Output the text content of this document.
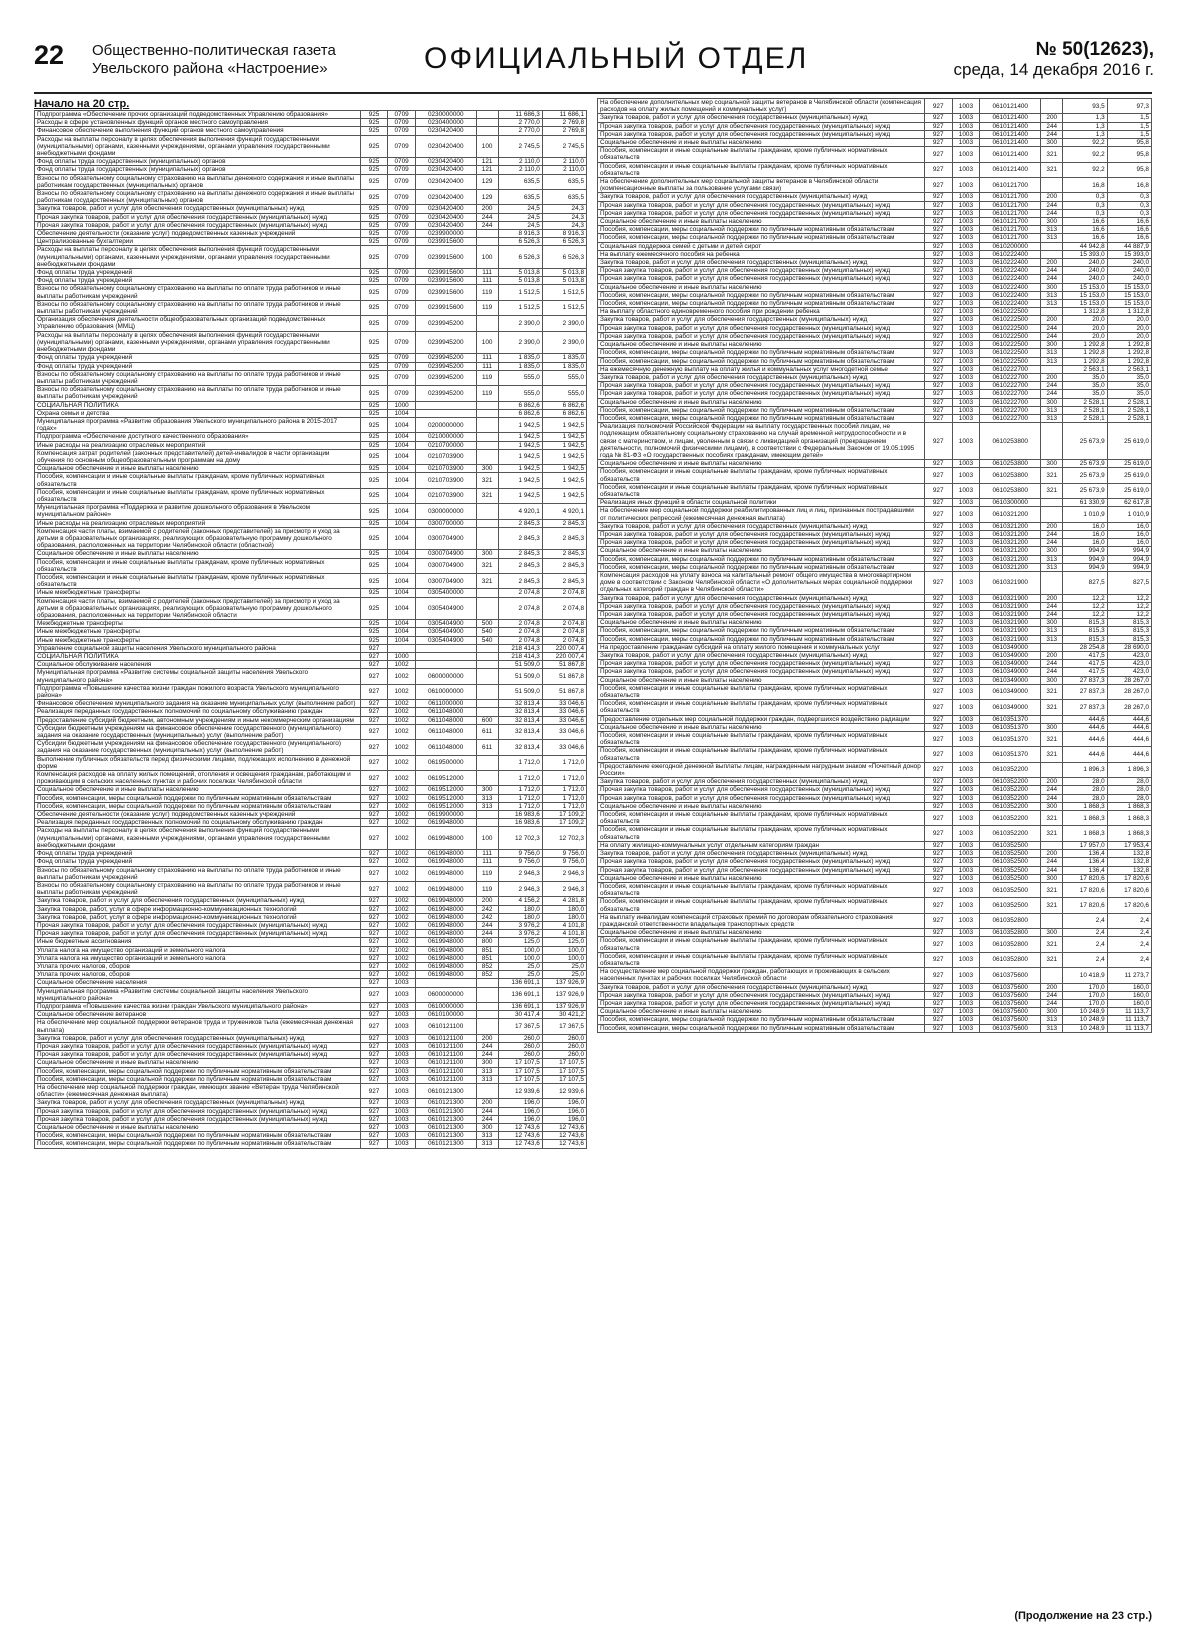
22 Общественно-политическая газета
Увельского района «Настроение»	ОФИЦИАЛЬНЫЙ ОТДЕЛ	№ 50(12623),
среда, 14 декабря 2016 г.
Начало на 20 стр.
Подпрограмма «Обеспечение прочих организаций подведомственных Управлению образования»	925	0709	0230000000		11 686,3	11 686,1
Расходы в сфере установленных функций органов местного самоуправления	925	0709	0230400000		2 770,0	2 769,8
Финансовое обеспечение выполнения функций органов местного самоуправления	925	0709	0230420400		2 770,0	2 769,8
Расходы на выплаты персоналу в целях обеспечения выполнения функций государственными (муниципальными) органами, казенными учреждениями, органами управления государственными внебюджетными фондами	925	0709	0230420400	100	2 745,5	2 745,5
Фонд оплаты труда государственных (муниципальных) органов	925	0709	0230420400	121	2 110,0	2 110,0
Фонд оплаты труда государственных (муниципальных) органов	925	0709	0230420400	121	2 110,0	2 110,0
Взносы по обязательному социальному страхованию на выплаты денежного содержания и иные выплаты работникам государственных (муниципальных) органов	925	0709	0230420400	129	635,5	635,5
Взносы по обязательному социальному страхованию на выплаты денежного содержания и иные выплаты работникам государственных (муниципальных) органов	925	0709	0230420400	129	635,5	635,5
Закупка товаров, работ и услуг для обеспечения государственных (муниципальных) нужд	925	0709	0230420400	200	24,5	24,3
Прочая закупка товаров, работ и услуг для обеспечения государственных (муниципальных) нужд	925	0709	0230420400	244	24,5	24,3
Прочая закупка товаров, работ и услуг для обеспечения государственных (муниципальных) нужд	925	0709	0230420400	244	24,5	24,3
Обеспечение деятельности (оказание услуг) подведомственных казенных учреждений	925	0709	0239900000		8 916,3	8 916,3
Централизованные бухгалтерии	925	0709	0239915600		6 526,3	6 526,3
Расходы на выплаты персоналу в целях обеспечения выполнения функций государственными (муниципальными) органами, казенными учреждениями, органами управления государственными внебюджетными фондами	925	0709	0239915600	100	6 526,3	6 526,3
Фонд оплаты труда учреждений	925	0709	0239915600	111	5 013,8	5 013,8
Фонд оплаты труда учреждений	925	0709	0239915600	111	5 013,8	5 013,8
Взносы по обязательному социальному страхованию на выплаты по оплате труда работников и иные выплаты работникам учреждений	925	0709	0239915600	119	1 512,5	1 512,5
Взносы по обязательному социальному страхованию на выплаты по оплате труда работников и иные выплаты работникам учреждений	925	0709	0239915600	119	1 512,5	1 512,5
Организация обеспечения деятельности общеобразовательных организаций подведомственных Управлению образования (ММЦ)	925	0709	0239945200		2 390,0	2 390,0
Расходы на выплаты персоналу в целях обеспечения выполнения функций государственными (муниципальными) органами, казенными учреждениями, органами управления государственными внебюджетными фондами	925	0709	0239945200	100	2 390,0	2 390,0
Фонд оплаты труда учреждений	925	0709	0239945200	111	1 835,0	1 835,0
Фонд оплаты труда учреждений	925	0709	0239945200	111	1 835,0	1 835,0
Взносы по обязательному социальному страхованию на выплаты по оплате труда работников и иные выплаты работникам учреждений	925	0709	0239945200	119	555,0	555,0
Взносы по обязательному социальному страхованию на выплаты по оплате труда работников и иные выплаты работникам учреждений	925	0709	0239945200	119	555,0	555,0
СОЦИАЛЬНАЯ ПОЛИТИКА	925	1000			6 862,6	6 862,6
Охрана семьи и детства	925	1004			6 862,6	6 862,6
Муниципальная программа «Развитие образования Увельского муниципального района в 2015-2017 годах»	925	1004	0200000000		1 942,5	1 942,5
Подпрограмма «Обеспечение доступного качественного образования»	925	1004	0210000000		1 942,5	1 942,5
Иные расходы на реализацию отраслевых мероприятий	925	1004	0210700000		1 942,5	1 942,5
Компенсация затрат родителей (законных представителей) детей-инвалидов в части организации обучения по основным общеобразовательным программам на дому	925	1004	0210703900		1 942,5	1 942,5
Социальное обеспечение и иные выплаты населению	925	1004	0210703900	300	1 942,5	1 942,5
Пособия, компенсации и иные социальные выплаты гражданам, кроме публичных нормативных обязательств	925	1004	0210703900	321	1 942,5	1 942,5
Пособия, компенсации и иные социальные выплаты гражданам, кроме публичных нормативных обязательств	925	1004	0210703900	321	1 942,5	1 942,5
Муниципальная программа «Поддержка и развитие дошкольного образования в Увельском муниципальном районе»	925	1004	0300000000		4 920,1	4 920,1
Иные расходы на реализацию отраслевых мероприятий	925	1004	0300700000		2 845,3	2 845,3
Компенсация части платы, взимаемой с родителей (законных представителей) за присмотр и уход за детьми в образовательных организациях, реализующих образовательную программу дошкольного образования, расположенных на территории Челябинской области (областной)	925	1004	0300704900		2 845,3	2 845,3
Социальное обеспечение и иные выплаты населению	925	1004	0300704900	300	2 845,3	2 845,3
Пособия, компенсации и иные социальные выплаты гражданам, кроме публичных нормативных обязательств	925	1004	0300704900	321	2 845,3	2 845,3
Пособия, компенсации и иные социальные выплаты гражданам, кроме публичных нормативных обязательств	925	1004	0300704900	321	2 845,3	2 845,3
Иные межбюджетные трансферты	925	1004	0305400000		2 074,8	2 074,8
Компенсация части платы, взимаемой с родителей (законных представителей) за присмотр и уход за детьми в образовательных организациях, реализующих образовательную программу дошкольного образования, расположенных на территории Челябинской области	925	1004	0305404900		2 074,8	2 074,8
Межбюджетные трансферты	925	1004	0305404900	500	2 074,8	2 074,8
Иные межбюджетные трансферты	925	1004	0305404900	540	2 074,8	2 074,8
Иные межбюджетные трансферты	925	1004	0305404900	540	2 074,8	2 074,8
Управление социальной защиты населения Увельского муниципального района	927				218 414,3	220 007,4
СОЦИАЛЬНАЯ ПОЛИТИКА	927	1000			218 414,3	220 007,4
Социальное обслуживание населения	927	1002			51 509,0	51 867,8
Муниципальная программа «Развитие системы социальной защиты населения Увельского муниципального района»	927	1002	0600000000		51 509,0	51 867,8
Подпрограмма «Повышение качества жизни граждан пожилого возраста Увельского муниципального района»	927	1002	0610000000		51 509,0	51 867,8
Финансовое обеспечение муниципального задания на оказание муниципальных услуг (выполнение работ)	927	1002	0611000000		32 813,4	33 046,6
Реализация переданных государственных полномочий по социальному обслуживанию граждан	927	1002	0611048000		32 813,4	33 046,6
Предоставление субсидий бюджетным, автономным учреждениям и иным некоммерческим организациям	927	1002	0611048000	600	32 813,4	33 046,6
Субсидии бюджетным учреждениям на финансовое обеспечение государственного (муниципального) задания на оказание государственных (муниципальных) услуг (выполнение работ)	927	1002	0611048000	611	32 813,4	33 046,6
Субсидии бюджетным учреждениям на финансовое обеспечение государственного (муниципального) задания на оказание государственных (муниципальных) услуг (выполнение работ)	927	1002	0611048000	611	32 813,4	33 046,6
Выполнение публичных обязательств перед физическими лицами, подлежащих исполнению в денежной форме	927	1002	0619500000		1 712,0	1 712,0
Компенсация расходов на оплату жилых помещений, отопления и освещения гражданам, работающим и проживающим в сельских населенных пунктах и рабочих поселках Челябинской области	927	1002	0619512000		1 712,0	1 712,0
Социальное обеспечение и иные выплаты населению	927	1002	0619512000	300	1 712,0	1 712,0
Пособия, компенсации, меры социальной поддержки по публичным нормативным обязательствам	927	1002	0619512000	313	1 712,0	1 712,0
Пособия, компенсации, меры социальной поддержки по публичным нормативным обязательствам	927	1002	0619512000	313	1 712,0	1 712,0
Обеспечение деятельности (оказание услуг) подведомственных казенных учреждений	927	1002	0619900000		16 983,6	17 109,2
Реализация переданных государственных полномочий по социальному обслуживанию граждан	927	1002	0619948000		16 983,6	17 109,2
Расходы на выплаты персоналу в целях обеспечения выполнения функций государственными (муниципальными) органами, казенными учреждениями, органами управления государственными внебюджетными фондами	927	1002	0619948000	100	12 702,3	12 702,3
Фонд оплаты труда учреждений	927	1002	0619948000	111	9 756,0	9 756,0
Фонд оплаты труда учреждений	927	1002	0619948000	111	9 756,0	9 756,0
Взносы по обязательному социальному страхованию на выплаты по оплате труда работников и иные выплаты работникам учреждений	927	1002	0619948000	119	2 946,3	2 946,3
Взносы по обязательному социальному страхованию на выплаты по оплате труда работников и иные выплаты работникам учреждений	927	1002	0619948000	119	2 946,3	2 946,3
Закупка товаров, работ и услуг для обеспечения государственных (муниципальных) нужд	927	1002	0619948000	200	4 156,2	4 281,8
Закупка товаров, работ, услуг в сфере информационно-коммуникационных технологий	927	1002	0619948000	242	180,0	180,0
Закупка товаров, работ, услуг в сфере информационно-коммуникационных технологий	927	1002	0619948000	242	180,0	180,0
Прочая закупка товаров, работ и услуг для обеспечения государственных (муниципальных) нужд	927	1002	0619948000	244	3 976,2	4 101,8
Прочая закупка товаров, работ и услуг для обеспечения государственных (муниципальных) нужд	927	1002	0619948000	244	3 976,2	4 101,8
Иные бюджетные ассигнования	927	1002	0619948000	800	125,0	125,0
Уплата налога на имущество организаций и земельного налога	927	1002	0619948000	851	100,0	100,0
Уплата налога на имущество организаций и земельного налога	927	1002	0619948000	851	100,0	100,0
Уплата прочих налогов, сборов	927	1002	0619948000	852	25,0	25,0
Уплата прочих налогов, сборов	927	1002	0619948000	852	25,0	25,0
Социальное обеспечение населения	927	1003			136 691,1	137 926,9
Муниципальная программа «Развитие системы социальной защиты населения Увельского муниципального района»	927	1003	0600000000		136 691,1	137 926,9
Подпрограмма «Повышение качества жизни граждан Увельского муниципального района»	927	1003	0610000000		136 691,1	137 926,9
Социальное обеспечение ветеранов	927	1003	0610100000		30 417,4	30 421,2
На обеспечение мер социальной поддержки ветеранов труда и тружеников тыла (ежемесячная денежная выплата)	927	1003	0610121100		17 367,5	17 367,5
Закупка товаров, работ и услуг для обеспечения государственных (муниципальных) нужд	927	1003	0610121100	200	260,0	260,0
Прочая закупка товаров, работ и услуг для обеспечения государственных (муниципальных) нужд	927	1003	0610121100	244	260,0	260,0
Прочая закупка товаров, работ и услуг для обеспечения государственных (муниципальных) нужд	927	1003	0610121100	244	260,0	260,0
Социальное обеспечение и иные выплаты населению	927	1003	0610121100	300	17 107,5	17 107,5
Пособия, компенсации, меры социальной поддержки по публичным нормативным обязательствам	927	1003	0610121100	313	17 107,5	17 107,5
Пособия, компенсации, меры социальной поддержки по публичным нормативным обязательствам	927	1003	0610121100	313	17 107,5	17 107,5
На обеспечение мер социальной поддержки граждан, имеющих звание «Ветеран труда Челябинской области» (ежемесячная денежная выплата)	927	1003	0610121300		12 939,6	12 939,6
Закупка товаров, работ и услуг для обеспечения государственных (муниципальных) нужд	927	1003	0610121300	200	196,0	196,0
Прочая закупка товаров, работ и услуг для обеспечения государственных (муниципальных) нужд	927	1003	0610121300	244	196,0	196,0
Прочая закупка товаров, работ и услуг для обеспечения государственных (муниципальных) нужд	927	1003	0610121300	244	196,0	196,0
Социальное обеспечение и иные выплаты населению	927	1003	0610121300	300	12 743,6	12 743,6
Пособия, компенсации, меры социальной поддержки по публичным нормативным обязательствам	927	1003	0610121300	313	12 743,6	12 743,6
Пособия, компенсации, меры социальной поддержки по публичным нормативным обязательствам	927	1003	0610121300	313	12 743,6	12 743,6
На обеспечение дополнительных мер социальной защиты ветеранов в Челябинской области (компенсация расходов на оплату жилых помещений и коммунальных услуг)	927	1003	0610121400		93,5	97,3
Закупка товаров, работ и услуг для обеспечения государственных (муниципальных) нужд	927	1003	0610121400	200	1,3	1,5
Прочая закупка товаров, работ и услуг для обеспечения государственных (муниципальных) нужд	927	1003	0610121400	244	1,3	1,5
Прочая закупка товаров, работ и услуг для обеспечения государственных (муниципальных) нужд	927	1003	0610121400	244	1,3	1,5
Социальное обеспечение и иные выплаты населению	927	1003	0610121400	300	92,2	95,8
Пособия, компенсации и иные социальные выплаты гражданам, кроме публичных нормативных обязательств	927	1003	0610121400	321	92,2	95,8
Пособия, компенсации и иные социальные выплаты гражданам, кроме публичных нормативных обязательств	927	1003	0610121400	321	92,2	95,8
На обеспечение дополнительных мер социальной защиты ветеранов в Челябинской области (компенсационные выплаты за пользование услугами связи)	927	1003	0610121700		16,8	16,8
Закупка товаров, работ и услуг для обеспечения государственных (муниципальных) нужд	927	1003	0610121700	200	0,3	0,3
Прочая закупка товаров, работ и услуг для обеспечения государственных (муниципальных) нужд	927	1003	0610121700	244	0,3	0,3
Прочая закупка товаров, работ и услуг для обеспечения государственных (муниципальных) нужд	927	1003	0610121700	244	0,3	0,3
Социальное обеспечение и иные выплаты населению	927	1003	0610121700	300	16,6	16,6
Пособия, компенсации, меры социальной поддержки по публичным нормативным обязательствам	927	1003	0610121700	313	16,6	16,6
Пособия, компенсации, меры социальной поддержки по публичным нормативным обязательствам	927	1003	0610121700	313	16,6	16,6
Социальная поддержка семей с детьми и детей сирот	927	1003	0610200000		44 942,8	44 887,9
На выплату ежемесячного пособия на ребенка	927	1003	0610222400		15 393,0	15 393,0
Закупка товаров, работ и услуг для обеспечения государственных (муниципальных) нужд	927	1003	0610222400	200	240,0	240,0
Прочая закупка товаров, работ и услуг для обеспечения государственных (муниципальных) нужд	927	1003	0610222400	244	240,0	240,0
Прочая закупка товаров, работ и услуг для обеспечения государственных (муниципальных) нужд	927	1003	0610222400	244	240,0	240,0
Социальное обеспечение и иные выплаты населению	927	1003	0610222400	300	15 153,0	15 153,0
Пособия, компенсации, меры социальной поддержки по публичным нормативным обязательствам	927	1003	0610222400	313	15 153,0	15 153,0
Пособия, компенсации, меры социальной поддержки по публичным нормативным обязательствам	927	1003	0610222400	313	15 153,0	15 153,0
На выплату областного единовременного пособия при рождении ребенка	927	1003	0610222500		1 312,8	1 312,8
Закупка товаров, работ и услуг для обеспечения государственных (муниципальных) нужд	927	1003	0610222500	200	20,0	20,0
Прочая закупка товаров, работ и услуг для обеспечения государственных (муниципальных) нужд	927	1003	0610222500	244	20,0	20,0
Прочая закупка товаров, работ и услуг для обеспечения государственных (муниципальных) нужд	927	1003	0610222500	244	20,0	20,0
Социальное обеспечение и иные выплаты населению	927	1003	0610222500	300	1 292,8	1 292,8
Пособия, компенсации, меры социальной поддержки по публичным нормативным обязательствам	927	1003	0610222500	313	1 292,8	1 292,8
Пособия, компенсации, меры социальной поддержки по публичным нормативным обязательствам	927	1003	0610222500	313	1 292,8	1 292,8
На ежемесячную денежную выплату на оплату жилья и коммунальных услуг многодетной семье	927	1003	0610222700		2 563,1	2 563,1
Закупка товаров, работ и услуг для обеспечения государственных (муниципальных) нужд	927	1003	0610222700	200	35,0	35,0
Прочая закупка товаров, работ и услуг для обеспечения государственных (муниципальных) нужд	927	1003	0610222700	244	35,0	35,0
Прочая закупка товаров, работ и услуг для обеспечения государственных (муниципальных) нужд	927	1003	0610222700	244	35,0	35,0
Социальное обеспечение и иные выплаты населению	927	1003	0610222700	300	2 528,1	2 528,1
Пособия, компенсации, меры социальной поддержки по публичным нормативным обязательствам	927	1003	0610222700	313	2 528,1	2 528,1
Пособия, компенсации, меры социальной поддержки по публичным нормативным обязательствам	927	1003	0610222700	313	2 528,1	2 528,1
Реализация полномочий Российской Федерации на выплату государственных пособий лицам, не подлежащим обязательному социальному страхованию на случай временной нетрудоспособности и в связи с материнством, и лицам, уволенным в связи с ликвидацией организаций (прекращением деятельности, полномочий физическими лицами), в соответствии с Федеральным Законом от 19.05.1995 года № 81-ФЗ «О государственных пособиях гражданам, имеющим детей»	927	1003	0610253800		25 673,9	25 619,0
Социальное обеспечение и иные выплаты населению	927	1003	0610253800	300	25 673,9	25 619,0
Пособия, компенсации и иные социальные выплаты гражданам, кроме публичных нормативных обязательств	927	1003	0610253800	321	25 673,9	25 619,0
Пособия, компенсации и иные социальные выплаты гражданам, кроме публичных нормативных обязательств	927	1003	0610253800	321	25 673,9	25 619,0
Реализация иных функций в области социальной политики	927	1003	0610300000		61 330,9	62 617,8
На обеспечение мер социальной поддержки реабилитированных лиц и лиц, признанных пострадавшими от политических репрессий (ежемесячная денежная выплата)	927	1003	0610321200		1 010,9	1 010,9
Закупка товаров, работ и услуг для обеспечения государственных (муниципальных) нужд	927	1003	0610321200	200	16,0	16,0
Прочая закупка товаров, работ и услуг для обеспечения государственных (муниципальных) нужд	927	1003	0610321200	244	16,0	16,0
Прочая закупка товаров, работ и услуг для обеспечения государственных (муниципальных) нужд	927	1003	0610321200	244	16,0	16,0
Социальное обеспечение и иные выплаты населению	927	1003	0610321200	300	994,9	994,9
Пособия, компенсации, меры социальной поддержки по публичным нормативным обязательствам	927	1003	0610321200	313	994,9	994,9
Пособия, компенсации, меры социальной поддержки по публичным нормативным обязательствам	927	1003	0610321200	313	994,9	994,9
Компенсация расходов на уплату взноса на капитальный ремонт общего имущества в многоквартирном доме в соответствии с Законом Челябинской области «О дополнительных мерах социальной поддержки отдельных категорий граждан в Челябинской области»	927	1003	0610321900		827,5	827,5
Закупка товаров, работ и услуг для обеспечения государственных (муниципальных) нужд	927	1003	0610321900	200	12,2	12,2
Прочая закупка товаров, работ и услуг для обеспечения государственных (муниципальных) нужд	927	1003	0610321900	244	12,2	12,2
Прочая закупка товаров, работ и услуг для обеспечения государственных (муниципальных) нужд	927	1003	0610321900	244	12,2	12,2
Социальное обеспечение и иные выплаты населению	927	1003	0610321900	300	815,3	815,3
Пособия, компенсации, меры социальной поддержки по публичным нормативным обязательствам	927	1003	0610321900	313	815,3	815,3
Пособия, компенсации, меры социальной поддержки по публичным нормативным обязательствам	927	1003	0610321900	313	815,3	815,3
На предоставление гражданам субсидий на оплату жилого помещения и коммунальных услуг	927	1003	0610349000		28 254,8	28 690,0
Закупка товаров, работ и услуг для обеспечения государственных (муниципальных) нужд	927	1003	0610349000	200	417,5	423,0
Прочая закупка товаров, работ и услуг для обеспечения государственных (муниципальных) нужд	927	1003	0610349000	244	417,5	423,0
Прочая закупка товаров, работ и услуг для обеспечения государственных (муниципальных) нужд	927	1003	0610349000	244	417,5	423,0
Социальное обеспечение и иные выплаты населению	927	1003	0610349000	300	27 837,3	28 267,0
Пособия, компенсации и иные социальные выплаты гражданам, кроме публичных нормативных обязательств	927	1003	0610349000	321	27 837,3	28 267,0
Пособия, компенсации и иные социальные выплаты гражданам, кроме публичных нормативных обязательств	927	1003	0610349000	321	27 837,3	28 267,0
Предоставление отдельных мер социальной поддержки граждан, подвергшихся воздействию радиации	927	1003	0610351370		444,6	444,6
Социальное обеспечение и иные выплаты населению	927	1003	0610351370	300	444,6	444,6
Пособия, компенсации и иные социальные выплаты гражданам, кроме публичных нормативных обязательств	927	1003	0610351370	321	444,6	444,6
Пособия, компенсации и иные социальные выплаты гражданам, кроме публичных нормативных обязательств	927	1003	0610351370	321	444,6	444,6
Предоставление ежегодной денежной выплаты лицам, награжденным нагрудным знаком «Почетный донор России»	927	1003	0610352200		1 896,3	1 896,3
Закупка товаров, работ и услуг для обеспечения государственных (муниципальных) нужд	927	1003	0610352200	200	28,0	28,0
Прочая закупка товаров, работ и услуг для обеспечения государственных (муниципальных) нужд	927	1003	0610352200	244	28,0	28,0
Прочая закупка товаров, работ и услуг для обеспечения государственных (муниципальных) нужд	927	1003	0610352200	244	28,0	28,0
Социальное обеспечение и иные выплаты населению	927	1003	0610352200	300	1 868,3	1 868,3
Пособия, компенсации и иные социальные выплаты гражданам, кроме публичных нормативных обязательств	927	1003	0610352200	321	1 868,3	1 868,3
Пособия, компенсации и иные социальные выплаты гражданам, кроме публичных нормативных обязательств	927	1003	0610352200	321	1 868,3	1 868,3
На оплату жилищно-коммунальных услуг отдельным категориям граждан	927	1003	0610352500		17 957,0	17 953,4
Закупка товаров, работ и услуг для обеспечения государственных (муниципальных) нужд	927	1003	0610352500	200	136,4	132,8
Прочая закупка товаров, работ и услуг для обеспечения государственных (муниципальных) нужд	927	1003	0610352500	244	136,4	132,8
Прочая закупка товаров, работ и услуг для обеспечения государственных (муниципальных) нужд	927	1003	0610352500	244	136,4	132,8
Социальное обеспечение и иные выплаты населению	927	1003	0610352500	300	17 820,6	17 820,6
Пособия, компенсации и иные социальные выплаты гражданам, кроме публичных нормативных обязательств	927	1003	0610352500	321	17 820,6	17 820,6
Пособия, компенсации и иные социальные выплаты гражданам, кроме публичных нормативных обязательств	927	1003	0610352500	321	17 820,6	17 820,6
На выплату инвалидам компенсаций страховых премий по договорам обязательного страхования гражданской ответственности владельцев транспортных средств	927	1003	0610352800		2,4	2,4
Социальное обеспечение и иные выплаты населению	927	1003	0610352800	300	2,4	2,4
Пособия, компенсации и иные социальные выплаты гражданам, кроме публичных нормативных обязательств	927	1003	0610352800	321	2,4	2,4
Пособия, компенсации и иные социальные выплаты гражданам, кроме публичных нормативных обязательств	927	1003	0610352800	321	2,4	2,4
На осуществление мер социальной поддержки граждан, работающих и проживающих в сельских населенных пунктах и рабочих поселках Челябинской области	927	1003	0610375600		10 418,9	11 273,7
Закупка товаров, работ и услуг для обеспечения государственных (муниципальных) нужд	927	1003	0610375600	200	170,0	160,0
Прочая закупка товаров, работ и услуг для обеспечения государственных (муниципальных) нужд	927	1003	0610375600	244	170,0	160,0
Прочая закупка товаров, работ и услуг для обеспечения государственных (муниципальных) нужд	927	1003	0610375600	244	170,0	160,0
Социальное обеспечение и иные выплаты населению	927	1003	0610375600	300	10 248,9	11 113,7
Пособия, компенсации, меры социальной поддержки по публичным нормативным обязательствам	927	1003	0610375600	313	10 248,9	11 113,7
Пособия, компенсации, меры социальной поддержки по публичным нормативным обязательствам	927	1003	0610375600	313	10 248,9	11 113,7
(Продолжение на 23 стр.)
